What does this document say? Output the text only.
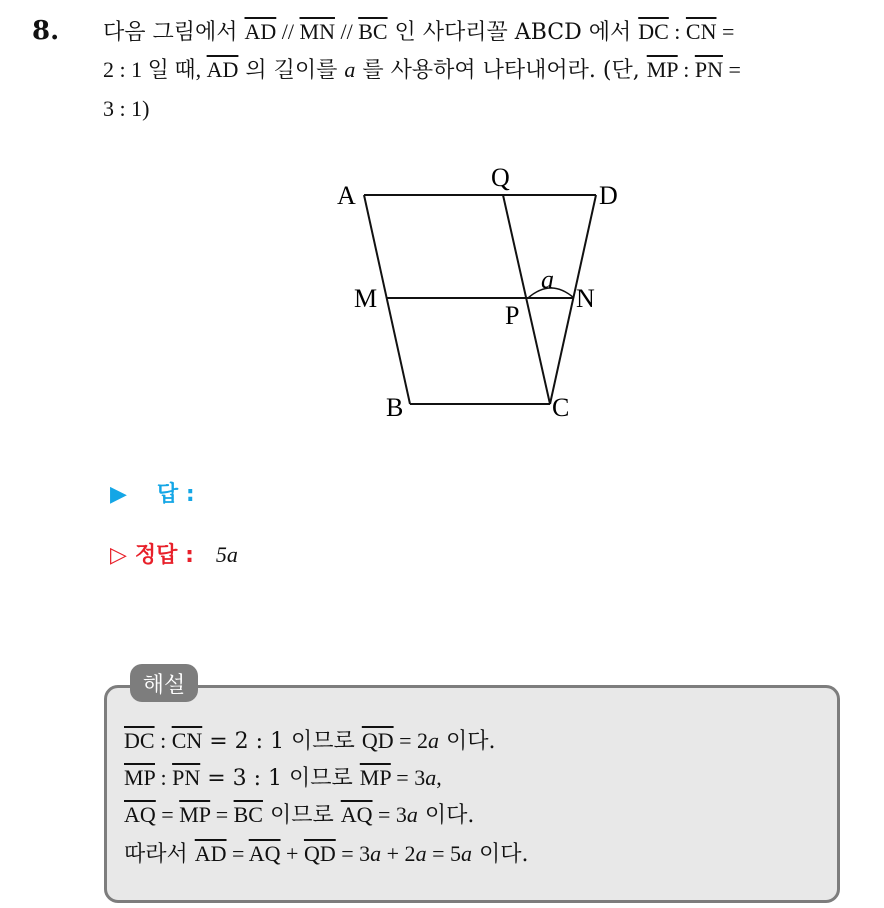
8. 다음 그림에서 $\overline{AD} // \overline{MN} // \overline{BC}$ 인 사다리꼴 ABCD 에서 $\overline{DC}$ : $\overline{CN}$ =
2 : 1 일 때, $\overline{AD}$ 의 길이를 a 를 사용하여 나타내어라. (단, $\overline{MP}$ : $\overline{PN}$ =
3 : 1)
A
Q
D
M	N
P
a
B	C
▶ 답 :
▷ 정답 : 5a
해설
$\overline{DC}$ : $\overline{CN} = 2$ : 1 이므로 $\overline{QD} = 2a$ 이다.
$\overline{MP}$ : $\overline{PN} = 3$ : 1 이므로 $\overline{MP} = 3a$,
$\overline{AQ} = \overline{MP} = \overline{BC}$ 이므로 $\overline{AQ} = 3a$ 이다.
따라서 $\overline{AD} = \overline{AQ} + \overline{QD} = 3a + 2a = 5a$ 이다.
